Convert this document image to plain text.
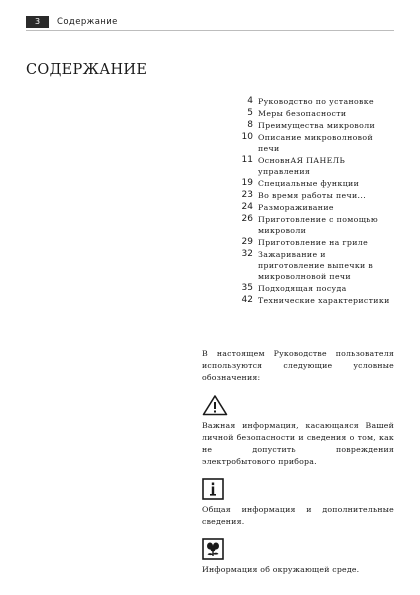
3	Содержание
СОДЕРЖАНИЕ
4 Руководство по установке
5 Меры безопасности
8 Преимущества микроволи
10 Описание микроволновой печи
11 ОсновнАЯ ПАНЕЛЬ управления
19 Специальные функции
23 Во время работы печи...
24 Размораживание
26 Приготовление с помощью микроволи
29 Приготовление на гриле
32 Зажаривание и приготовление выпечки в микроволновой печи
35 Подходящая посуда
42 Технические характеристики

В настоящем Руководстве пользователя используются следующие условные обозначения:

Важная информация, касающаяся Вашей личной безопасности и сведения о том, как не допустить повреждения электробытового прибора.

Общая информация и дополнительные сведения.

Информация об окружающей среде.
